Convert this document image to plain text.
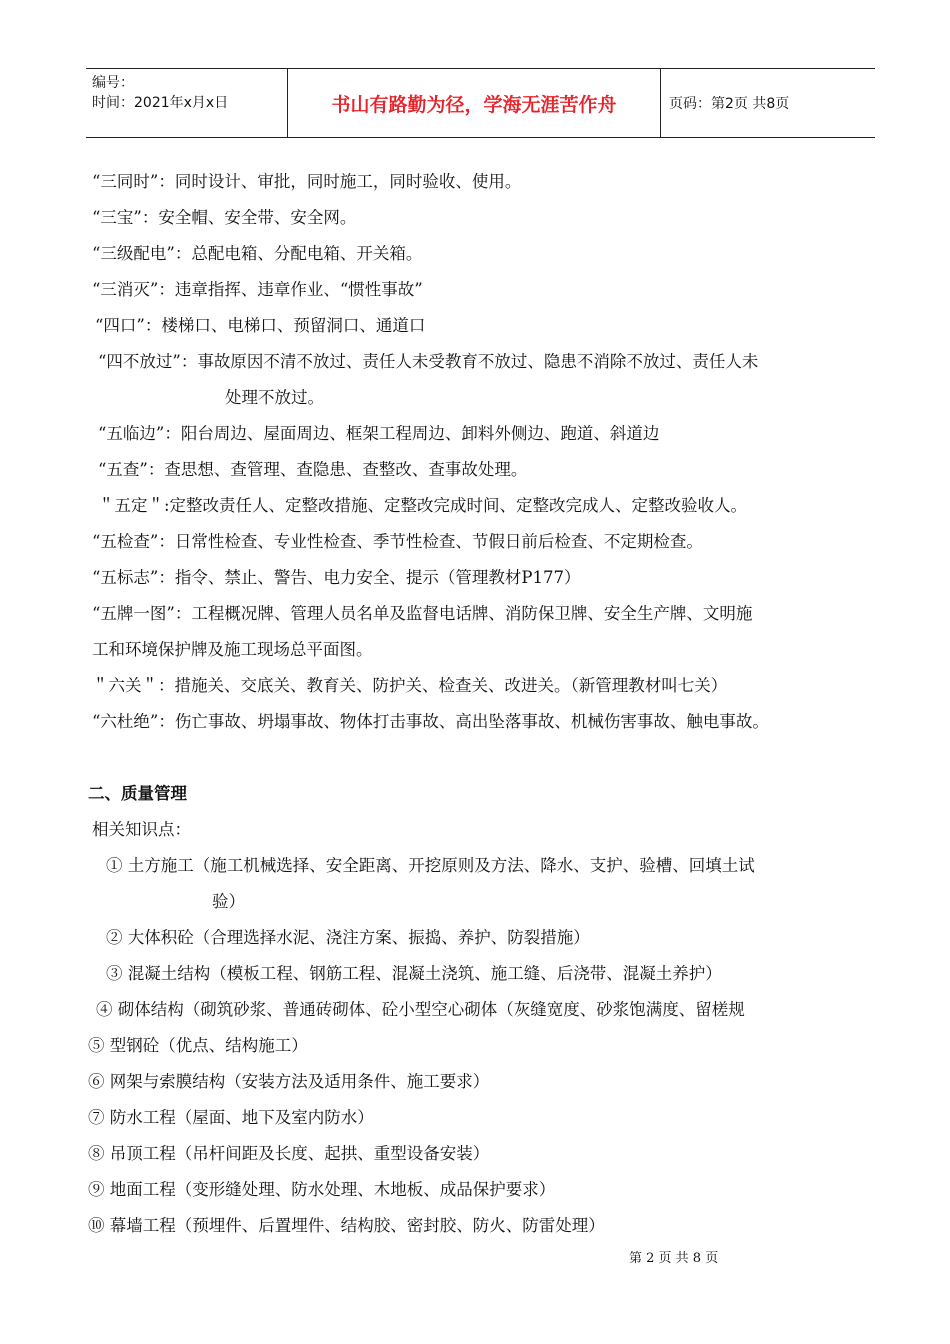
编号：
时间：2021年x月x日	书山有路勤为径，学海无涯苦作舟	页码：第2页 共8页
“三同时”：同时设计、审批，同时施工，同时验收、使用。
“三宝”：安全帽、安全带、安全网。
“三级配电”：总配电箱、分配电箱、开关箱。
“三消灭”：违章指挥、违章作业、“惯性事故”
“四口”：楼梯口、电梯口、预留洞口、通道口
“四不放过”：事故原因不清不放过、责任人未受教育不放过、隐患不消除不放过、责任人未
处理不放过。
“五临边”：阳台周边、屋面周边、框架工程周边、卸料外侧边、跑道、斜道边
“五查”：查思想、查管理、查隐患、查整改、查事故处理。
＂五定＂:定整改责任人、定整改措施、定整改完成时间、定整改完成人、定整改验收人。
“五检查”：日常性检查、专业性检查、季节性检查、节假日前后检查、不定期检查。
“五标志”：指令、禁止、警告、电力安全、提示（管理教材P177）
“五牌一图”：工程概况牌、管理人员名单及监督电话牌、消防保卫牌、安全生产牌、文明施
工和环境保护牌及施工现场总平面图。
＂六关＂：措施关、交底关、教育关、防护关、检查关、改进关。（新管理教材叫七关）
“六杜绝”：伤亡事故、坍塌事故、物体打击事故、高出坠落事故、机械伤害事故、触电事故。
二、质量管理
相关知识点：
① 土方施工（施工机械选择、安全距离、开挖原则及方法、降水、支护、验槽、回填土试
验）
② 大体积砼（合理选择水泥、浇注方案、振捣、养护、防裂措施）
③ 混凝土结构（模板工程、钢筋工程、混凝土浇筑、施工缝、后浇带、混凝土养护）
④ 砌体结构（砌筑砂浆、普通砖砌体、砼小型空心砌体（灰缝宽度、砂浆饱满度、留槎规
⑤ 型钢砼（优点、结构施工）
⑥ 网架与索膜结构（安装方法及适用条件、施工要求）
⑦ 防水工程（屋面、地下及室内防水）
⑧ 吊顶工程（吊杆间距及长度、起拱、重型设备安装）
⑨ 地面工程（变形缝处理、防水处理、木地板、成品保护要求）
⑩ 幕墙工程（预埋件、后置埋件、结构胶、密封胶、防火、防雷处理）
第 2 页 共 8 页
